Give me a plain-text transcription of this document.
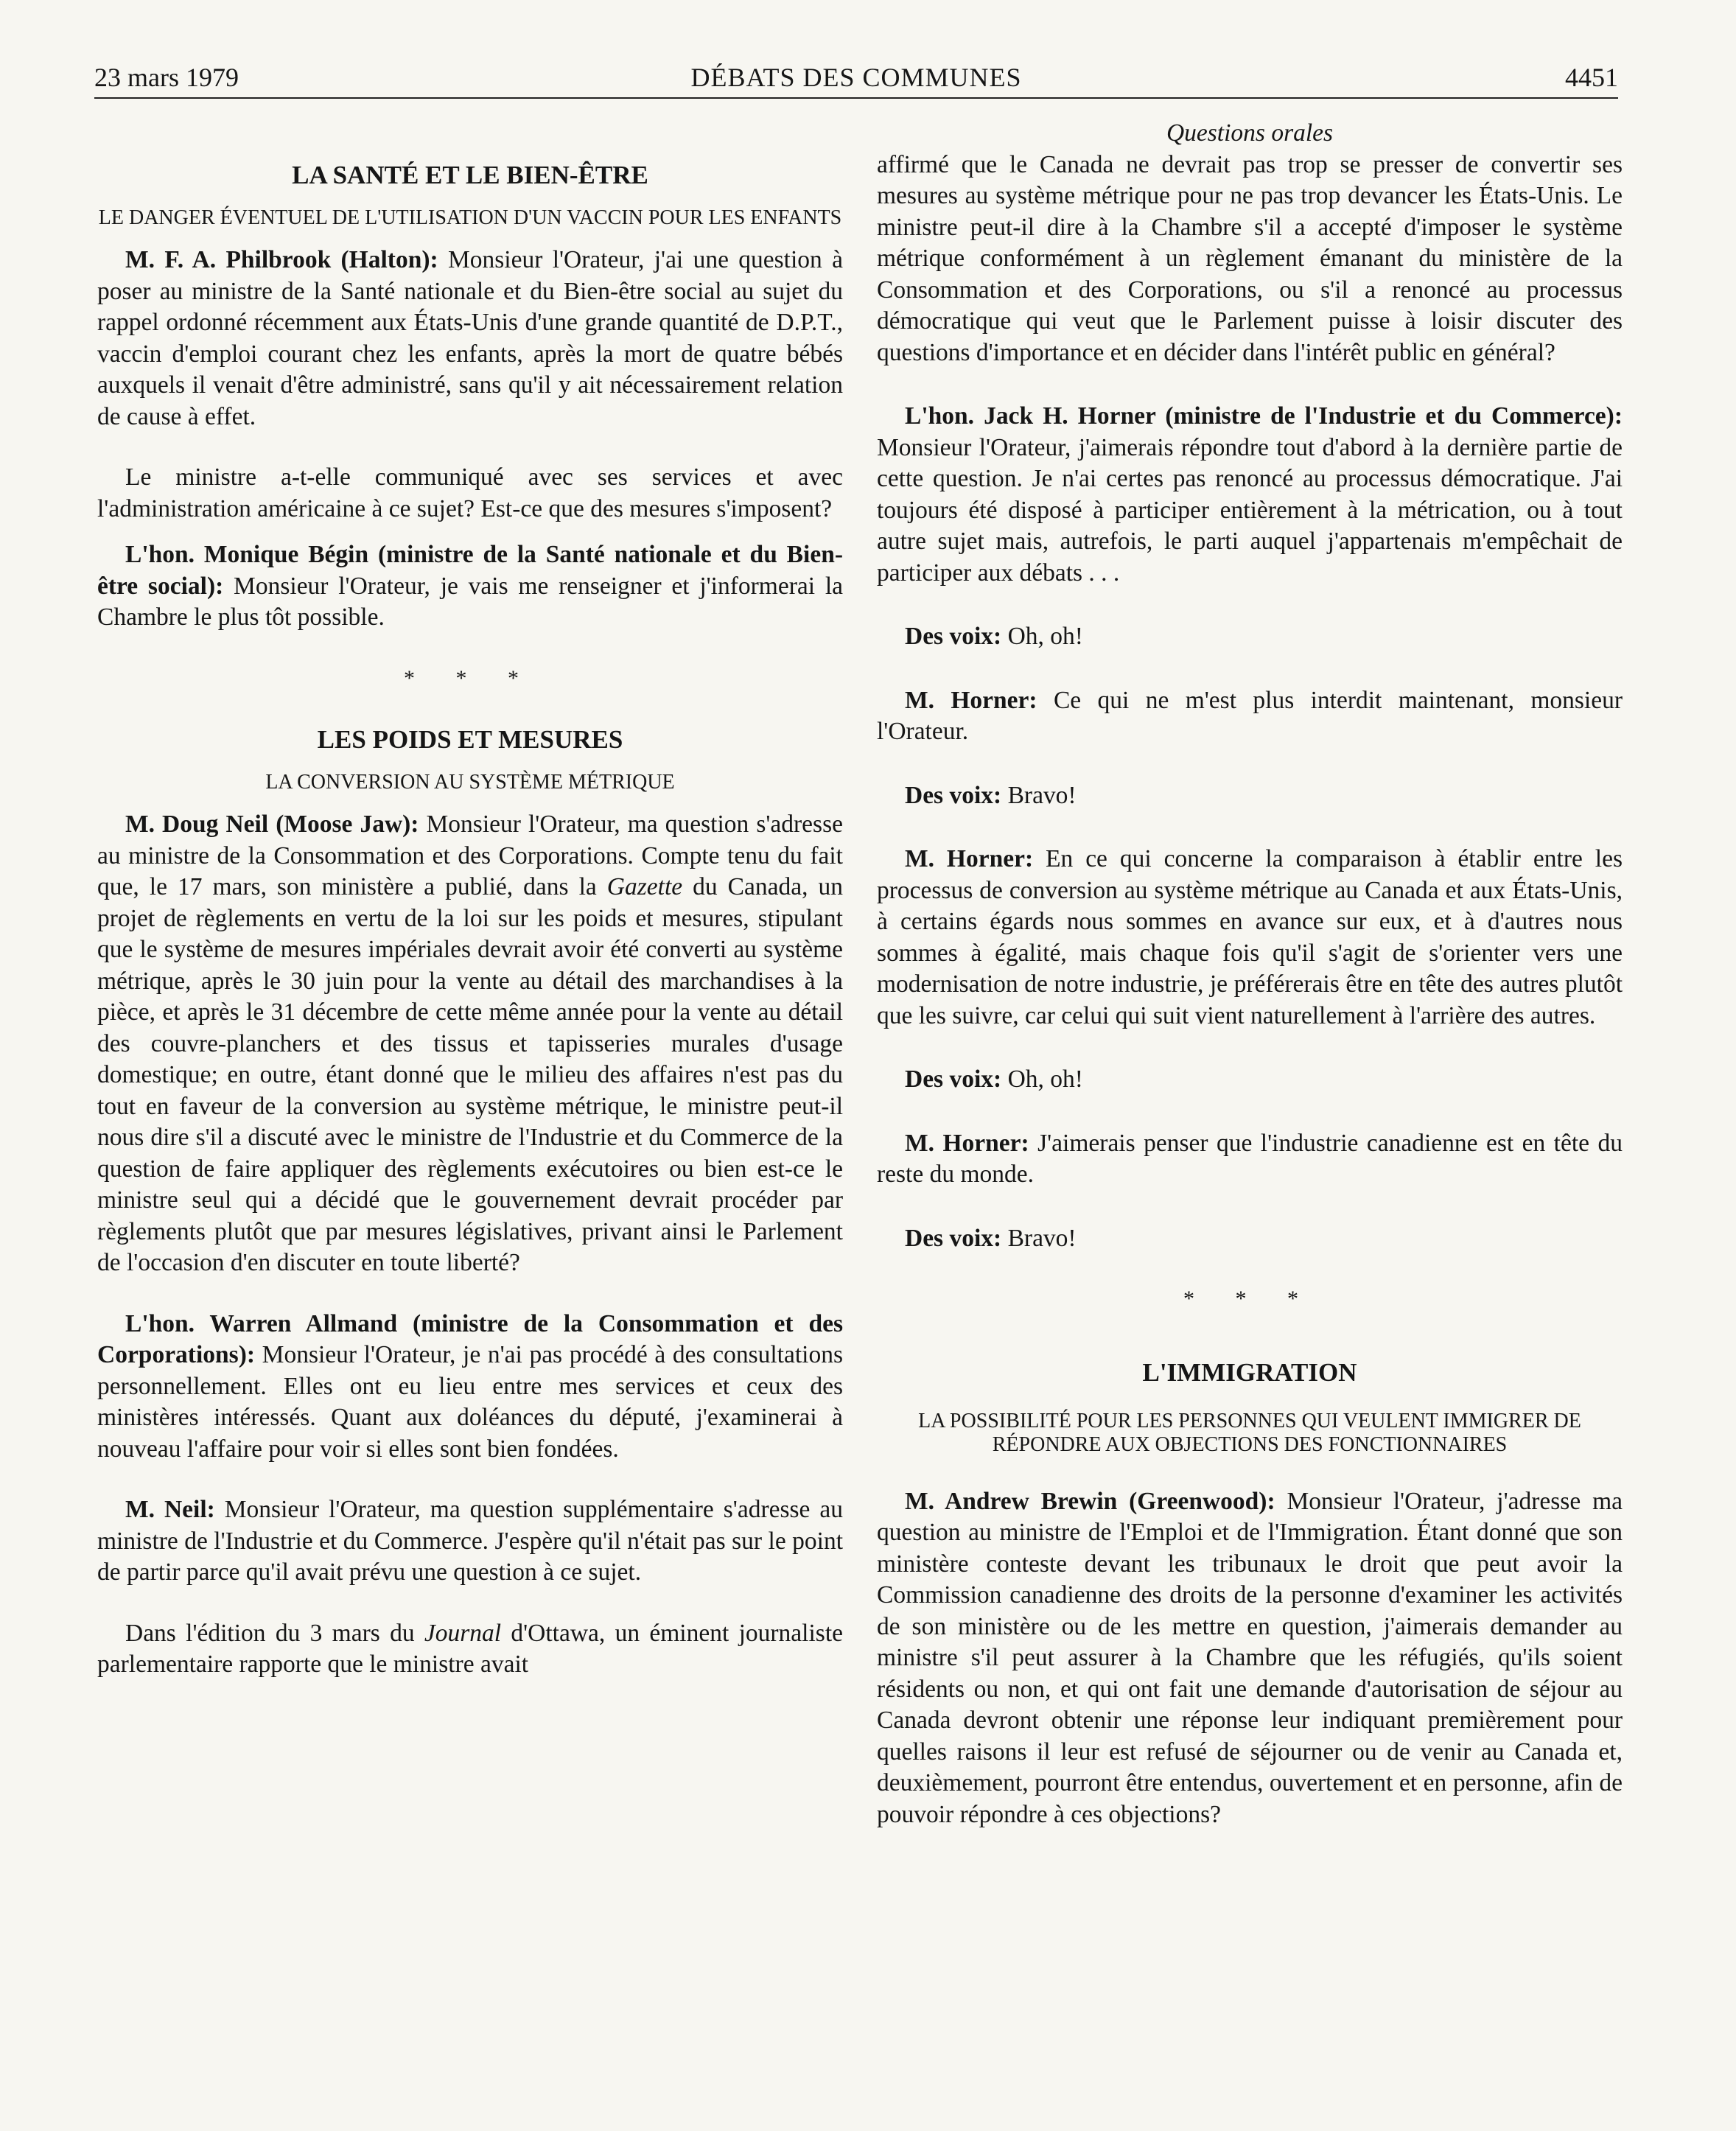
23 mars 1979	DÉBATS DES COMMUNES	4451
LA SANTÉ ET LE BIEN-ÊTRE

LE DANGER ÉVENTUEL DE L'UTILISATION D'UN VACCIN POUR LES ENFANTS

M. F. A. Philbrook (Halton): Monsieur l'Orateur, j'ai une question à poser au ministre de la Santé nationale et du Bien-être social au sujet du rappel ordonné récemment aux États-Unis d'une grande quantité de D.P.T., vaccin d'emploi courant chez les enfants, après la mort de quatre bébés auxquels il venait d'être administré, sans qu'il y ait nécessairement relation de cause à effet.

Le ministre a-t-elle communiqué avec ses services et avec l'administration américaine à ce sujet? Est-ce que des mesures s'imposent?

L'hon. Monique Bégin (ministre de la Santé nationale et du Bien-être social): Monsieur l'Orateur, je vais me renseigner et j'informerai la Chambre le plus tôt possible.

* * *

LES POIDS ET MESURES

LA CONVERSION AU SYSTÈME MÉTRIQUE

M. Doug Neil (Moose Jaw): Monsieur l'Orateur, ma question s'adresse au ministre de la Consommation et des Corporations. Compte tenu du fait que, le 17 mars, son ministère a publié, dans la Gazette du Canada, un projet de règlements en vertu de la loi sur les poids et mesures, stipulant que le système de mesures impériales devrait avoir été converti au système métrique, après le 30 juin pour la vente au détail des marchandises à la pièce, et après le 31 décembre de cette même année pour la vente au détail des couvre-planchers et des tissus et tapisseries murales d'usage domestique; en outre, étant donné que le milieu des affaires n'est pas du tout en faveur de la conversion au système métrique, le ministre peut-il nous dire s'il a discuté avec le ministre de l'Industrie et du Commerce de la question de faire appliquer des règlements exécutoires ou bien est-ce le ministre seul qui a décidé que le gouvernement devrait procéder par règlements plutôt que par mesures législatives, privant ainsi le Parlement de l'occasion d'en discuter en toute liberté?

L'hon. Warren Allmand (ministre de la Consommation et des Corporations): Monsieur l'Orateur, je n'ai pas procédé à des consultations personnellement. Elles ont eu lieu entre mes services et ceux des ministères intéressés. Quant aux doléances du député, j'examinerai à nouveau l'affaire pour voir si elles sont bien fondées.

M. Neil: Monsieur l'Orateur, ma question supplémentaire s'adresse au ministre de l'Industrie et du Commerce. J'espère qu'il n'était pas sur le point de partir parce qu'il avait prévu une question à ce sujet.

Dans l'édition du 3 mars du Journal d'Ottawa, un éminent journaliste parlementaire rapporte que le ministre avait

Questions orales

affirmé que le Canada ne devrait pas trop se presser de convertir ses mesures au système métrique pour ne pas trop devancer les États-Unis. Le ministre peut-il dire à la Chambre s'il a accepté d'imposer le système métrique conformément à un règlement émanant du ministère de la Consommation et des Corporations, ou s'il a renoncé au processus démocratique qui veut que le Parlement puisse à loisir discuter des questions d'importance et en décider dans l'intérêt public en général?

L'hon. Jack H. Horner (ministre de l'Industrie et du Commerce): Monsieur l'Orateur, j'aimerais répondre tout d'abord à la dernière partie de cette question. Je n'ai certes pas renoncé au processus démocratique. J'ai toujours été disposé à participer entièrement à la métrication, ou à tout autre sujet mais, autrefois, le parti auquel j'appartenais m'empêchait de participer aux débats . . .

Des voix: Oh, oh!

M. Horner: Ce qui ne m'est plus interdit maintenant, monsieur l'Orateur.

Des voix: Bravo!

M. Horner: En ce qui concerne la comparaison à établir entre les processus de conversion au système métrique au Canada et aux États-Unis, à certains égards nous sommes en avance sur eux, et à d'autres nous sommes à égalité, mais chaque fois qu'il s'agit de s'orienter vers une modernisation de notre industrie, je préférerais être en tête des autres plutôt que les suivre, car celui qui suit vient naturellement à l'arrière des autres.

Des voix: Oh, oh!

M. Horner: J'aimerais penser que l'industrie canadienne est en tête du reste du monde.

Des voix: Bravo!

* * *

L'IMMIGRATION

LA POSSIBILITÉ POUR LES PERSONNES QUI VEULENT IMMIGRER DE RÉPONDRE AUX OBJECTIONS DES FONCTIONNAIRES

M. Andrew Brewin (Greenwood): Monsieur l'Orateur, j'adresse ma question au ministre de l'Emploi et de l'Immigration. Étant donné que son ministère conteste devant les tribunaux le droit que peut avoir la Commission canadienne des droits de la personne d'examiner les activités de son ministère ou de les mettre en question, j'aimerais demander au ministre s'il peut assurer à la Chambre que les réfugiés, qu'ils soient résidents ou non, et qui ont fait une demande d'autorisation de séjour au Canada devront obtenir une réponse leur indiquant premièrement pour quelles raisons il leur est refusé de séjourner ou de venir au Canada et, deuxièmement, pourront être entendus, ouvertement et en personne, afin de pouvoir répondre à ces objections?
